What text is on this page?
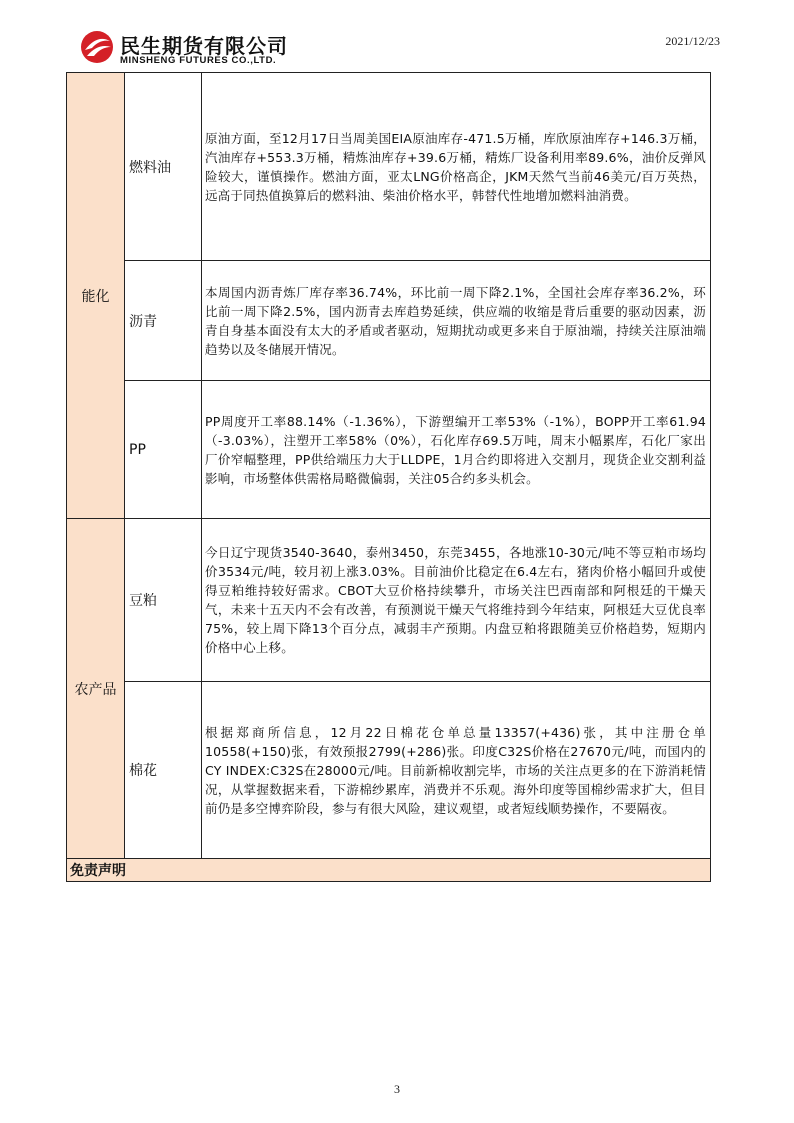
民生期货有限公司
MINSHENG FUTURES CO.,LTD.
2021/12/23
能化	燃料油	原油方面，至12月17日当周美国EIA原油库存-471.5万桶，库欣原油库存+146.3万桶，汽油库存+553.3万桶，精炼油库存+39.6万桶，精炼厂设备利用率89.6%，油价反弹风险较大，谨慎操作。燃油方面，亚太LNG价格高企，JKM天然气当前46美元/百万英热，远高于同热值换算后的燃料油、柴油价格水平，韩替代性地增加燃料油消费。
	沥青	本周国内沥青炼厂库存率36.74%，环比前一周下降2.1%，全国社会库存率36.2%，环比前一周下降2.5%，国内沥青去库趋势延续，供应端的收缩是背后重要的驱动因素，沥青自身基本面没有太大的矛盾或者驱动，短期扰动或更多来自于原油端，持续关注原油端趋势以及冬储展开情况。
	PP	PP周度开工率88.14%（-1.36%），下游塑编开工率53%（-1%），BOPP开工率61.94（-3.03%），注塑开工率58%（0%），石化库存69.5万吨，周末小幅累库，石化厂家出厂价窄幅整理，PP供给端压力大于LLDPE，1月合约即将进入交割月，现货企业交割利益影响，市场整体供需格局略微偏弱，关注05合约多头机会。
农产品	豆粕	今日辽宁现货3540-3640，泰州3450，东莞3455，各地涨10-30元/吨不等豆粕市场均价3534元/吨，较月初上涨3.03%。目前油价比稳定在6.4左右，猪肉价格小幅回升或使得豆粕维持较好需求。CBOT大豆价格持续攀升，市场关注巴西南部和阿根廷的干燥天气，未来十五天内不会有改善，有预测说干燥天气将维持到今年结束，阿根廷大豆优良率75%，较上周下降13个百分点，减弱丰产预期。内盘豆粕将跟随美豆价格趋势，短期内价格中心上移。
	棉花	根据郑商所信息，12月22日棉花仓单总量13357(+436)张，其中注册仓单10558(+150)张，有效预报2799(+286)张。印度C32S价格在27670元/吨，而国内的CY INDEX:C32S在28000元/吨。目前新棉收割完毕，市场的关注点更多的在下游消耗情况，从掌握数据来看，下游棉纱累库，消费并不乐观。海外印度等国棉纱需求扩大，但目前仍是多空博弈阶段，参与有很大风险，建议观望，或者短线顺势操作，不要隔夜。
免责声明		
3
